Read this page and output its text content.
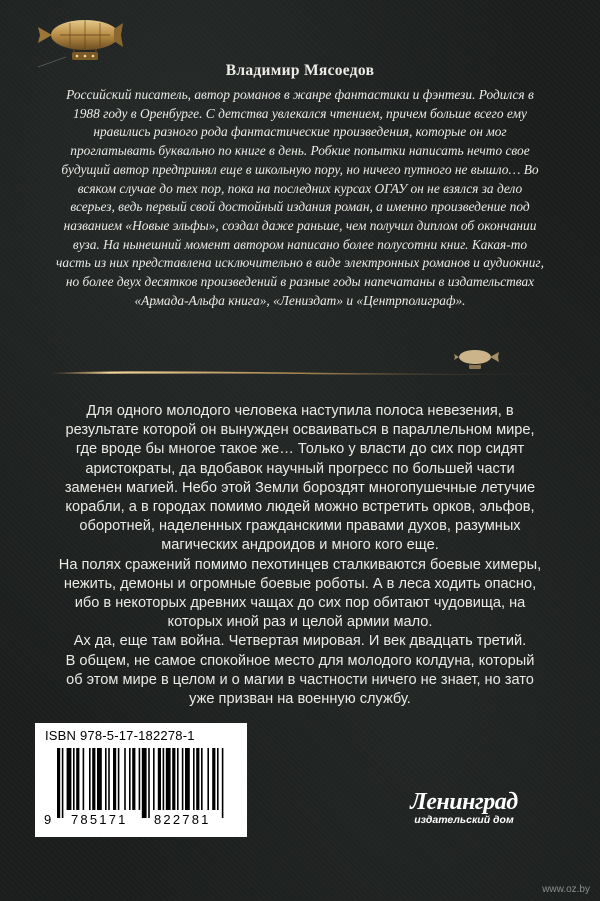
Владимир Мясоедов

Российский писатель, автор романов в жанре фантастики и фэнтези. Родился в 1988 году в Оренбурге. С детства увлекался чтением, причем больше всего ему нравились разного рода фантастические произведения, которые он мог проглатывать буквально по книге в день. Робкие попытки написать нечто свое будущий автор предпринял еще в школьную пору, но ничего путного не вышло… Во всяком случае до тех пор, пока на последних курсах ОГАУ он не взялся за дело всерьез, ведь первый свой достойный издания роман, а именно произведение под названием «Новые эльфы», создал даже раньше, чем получил диплом об окончании вуза. На нынешний момент автором написано более полусотни книг. Какая-то часть из них представлена исключительно в виде электронных романов и аудиокниг, но более двух десятков произведений в разные годы напечатаны в издательствах «Армада-Альфа книга», «Лениздат» и «Центрполиграф».

Для одного молодого человека наступила полоса невезения, в результате которой он вынужден осваиваться в параллельном мире, где вроде бы многое такое же… Только у власти до сих пор сидят аристократы, да вдобавок научный прогресс по большей части заменен магией. Небо этой Земли бороздят многопушечные летучие корабли, а в городах помимо людей можно встретить орков, эльфов, оборотней, наделенных гражданскими правами духов, разумных магических андроидов и много кого еще.

На полях сражений помимо пехотинцев сталкиваются боевые химеры, нежить, демоны и огромные боевые роботы. А в леса ходить опасно, ибо в некоторых древних чащах до сих пор обитают чудовища, на которых иной раз и целой армии мало.

Ах да, еще там война. Четвертая мировая. И век двадцать третий.

В общем, не самое спокойное место для молодого колдуна, который об этом мире в целом и о магии в частности ничего не знает, но зато уже призван на военную службу.

ISBN 978-5-17-182278-1
9 785171 822781
Ленинград
издательский дом
www.oz.by
